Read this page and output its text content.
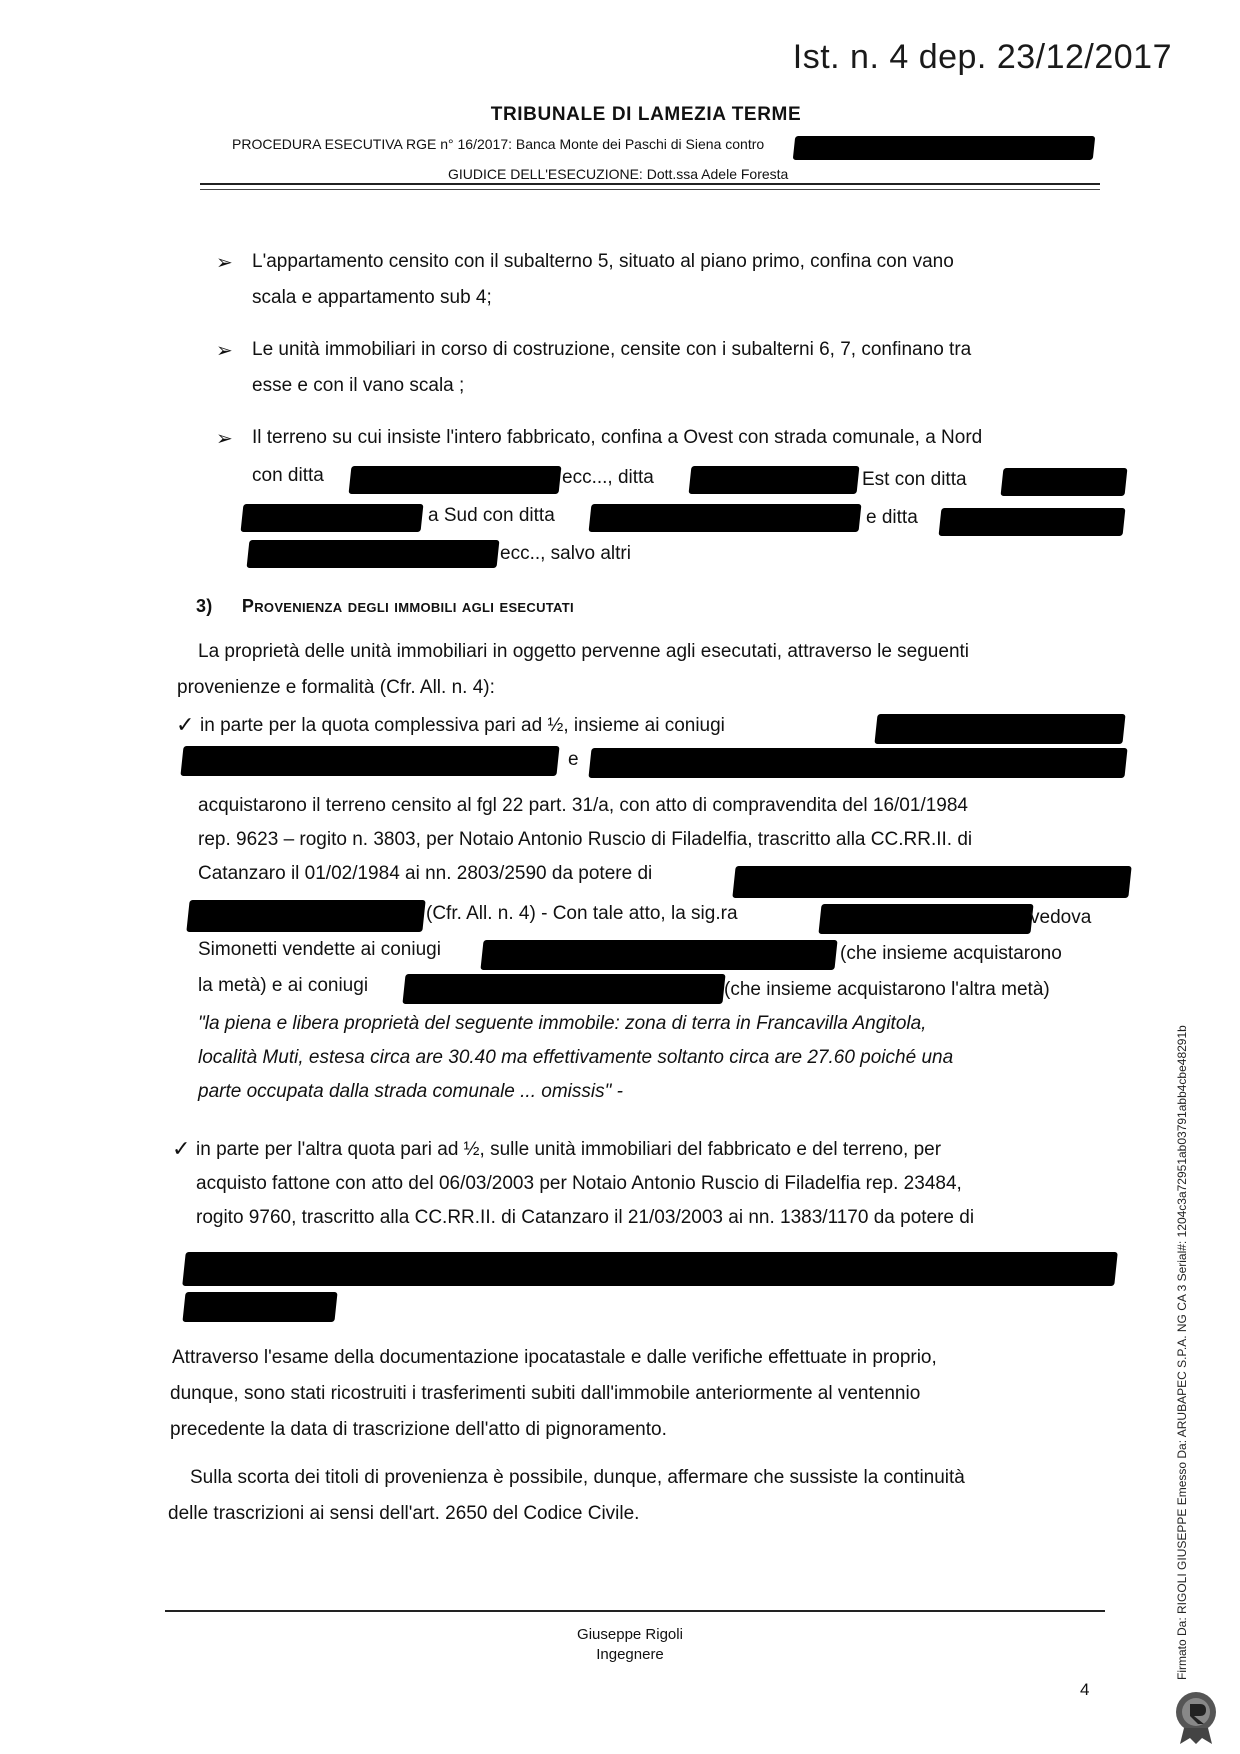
Ist. n. 4 dep. 23/12/2017
TRIBUNALE DI LAMEZIA TERME
PROCEDURA ESECUTIVA RGE n° 16/2017: Banca Monte dei Paschi di Siena contro
GIUDICE DELL'ESECUZIONE: Dott.ssa Adele Foresta
➢ L'appartamento censito con il subalterno 5, situato al piano primo, confina con vano
scala e appartamento sub 4;
➢ Le unità immobiliari in corso di costruzione, censite con i subalterni 6, 7, confinano tra
esse e con il vano scala ;
➢ Il terreno su cui insiste l'intero fabbricato, confina a Ovest con strada comunale, a Nord
con ditta	ecc..., ditta	Est con ditta
a Sud con ditta	e ditta
ecc.., salvo altri
3) Provenienza degli immobili agli esecutati
La proprietà delle unità immobiliari in oggetto pervenne agli esecutati, attraverso le seguenti
provenienze e formalità (Cfr. All. n. 4):
✓ in parte per la quota complessiva pari ad ½, insieme ai coniugi
e
acquistarono il terreno censito al fgl 22 part. 31/a, con atto di compravendita del 16/01/1984
rep. 9623 – rogito n. 3803, per Notaio Antonio Ruscio di Filadelfia, trascritto alla CC.RR.II. di
Catanzaro il 01/02/1984 ai nn. 2803/2590 da potere di
(Cfr. All. n. 4) - Con tale atto, la sig.ra	vedova
Simonetti vendette ai coniugi	(che insieme acquistarono
la metà) e ai coniugi	(che insieme acquistarono l'altra metà)
"la piena e libera proprietà del seguente immobile: zona di terra in Francavilla Angitola,
località Muti, estesa circa are 30.40 ma effettivamente soltanto circa are 27.60 poiché una
parte occupata dalla strada comunale ... omissis" -
✓ in parte per l'altra quota pari ad ½, sulle unità immobiliari del fabbricato e del terreno, per
acquisto fattone con atto del 06/03/2003 per Notaio Antonio Ruscio di Filadelfia rep. 23484,
rogito 9760, trascritto alla CC.RR.II. di Catanzaro il 21/03/2003 ai nn. 1383/1170 da potere di
Attraverso l'esame della documentazione ipocatastale e dalle verifiche effettuate in proprio,
dunque, sono stati ricostruiti i trasferimenti subiti dall'immobile anteriormente al ventennio
precedente la data di trascrizione dell'atto di pignoramento.
Sulla scorta dei titoli di provenienza è possibile, dunque, affermare che sussiste la continuità
delle trascrizioni ai sensi dell'art. 2650 del Codice Civile.
Giuseppe Rigoli
Ingegnere
4
Firmato Da: RIGOLI GIUSEPPE Emesso Da: ARUBAPEC S.P.A. NG CA 3 Serial#: 1204c3a72951ab03791abb4cbe48291b
